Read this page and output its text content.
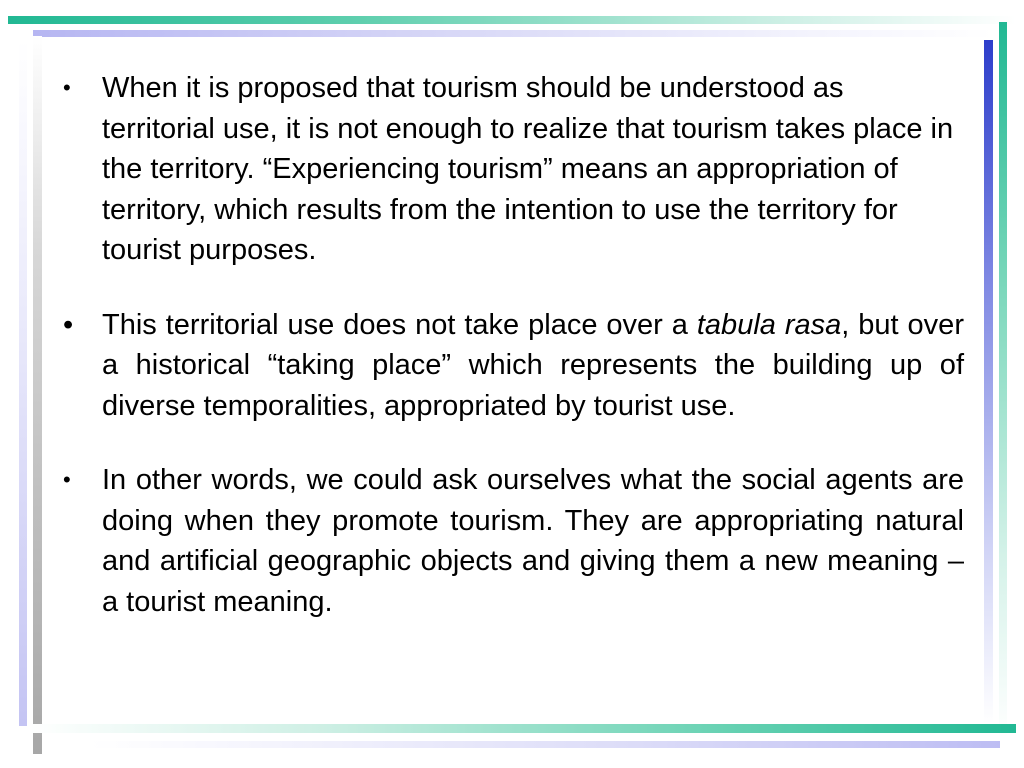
• When it is proposed that tourism should be understood as territorial use, it is not enough to realize that tourism takes place in the territory. “Experiencing tourism” means an appropriation of territory, which results from the intention to use the territory for tourist purposes.
• This territorial use does not take place over a tabula rasa, but over a historical “taking place” which represents the building up of diverse temporalities, appropriated by tourist use.
• In other words, we could ask ourselves what the social agents are doing when they promote tourism. They are appropriating natural and artificial geographic objects and giving them a new meaning – a tourist meaning.
